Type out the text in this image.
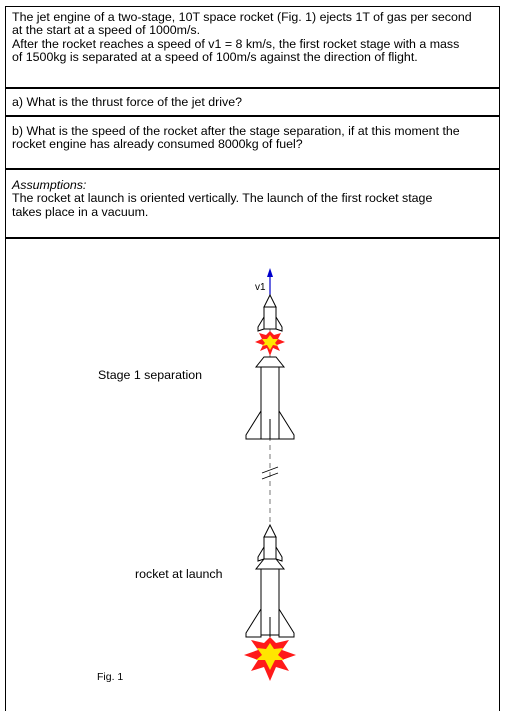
The jet engine of a two-stage, 10T space rocket (Fig. 1) ejects 1T of gas per second

at the start at a speed of 1000m/s.

After the rocket reaches a speed of v1 = 8 km/s, the first rocket stage with a mass

of 1500kg is separated at a speed of 100m/s against the direction of flight.

a) What is the thrust force of the jet drive?

b) What is the speed of the rocket after the stage separation, if at this moment the

rocket engine has already consumed 8000kg of fuel?

Assumptions:

The rocket at launch is oriented vertically. The launch of the first rocket stage

takes place in a vacuum.

v1
Stage 1 separation
rocket at launch
Fig. 1
